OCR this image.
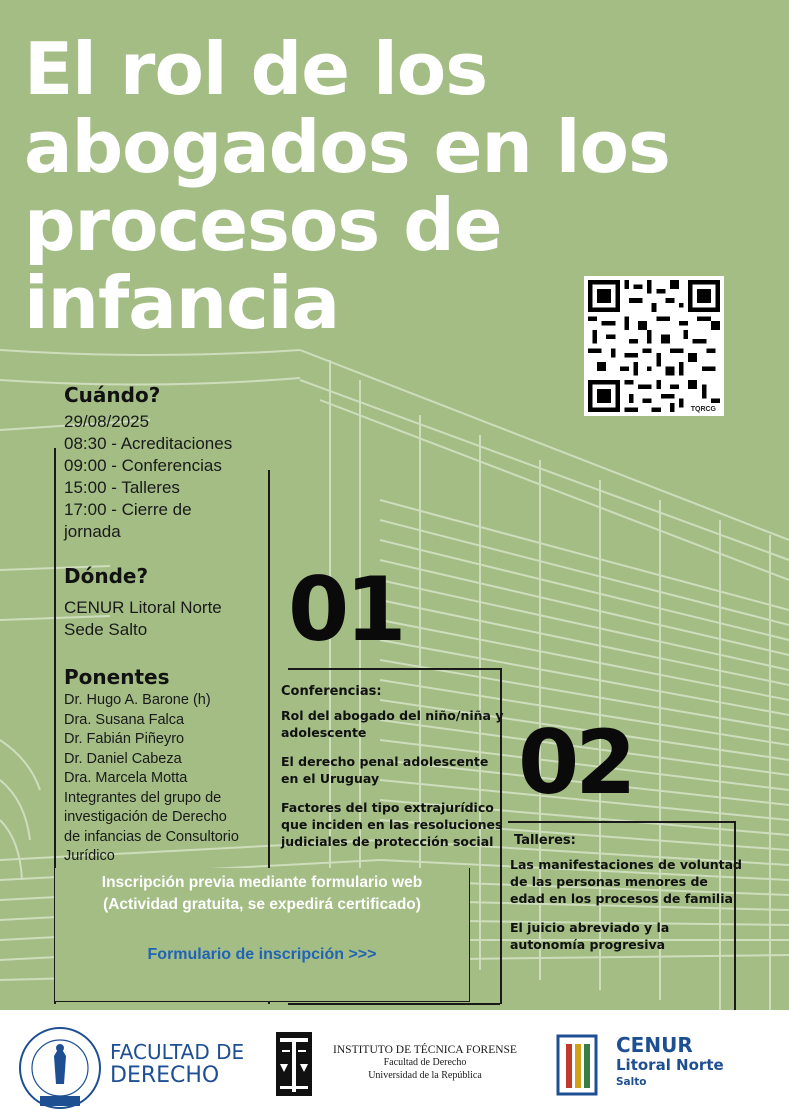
El rol de los
abogados en los
procesos de
infancia
TQRCG
Cuándo?
29/08/2025
08:30 - Acreditaciones
09:00 - Conferencias
15:00 - Talleres
17:00 - Cierre de
jornada
Dónde?
CENUR Litoral Norte
Sede Salto
Ponentes
Dr. Hugo A. Barone (h)
Dra. Susana Falca
Dr. Fabián Piñeyro
Dr. Daniel Cabeza
Dra. Marcela Motta
Integrantes del grupo de
investigación de Derecho
de infancias de Consultorio
Jurídico
01
Conferencias:
Rol del abogado del niño/niña y
adolescente
El derecho penal adolescente
en el Uruguay
Factores del tipo extrajurídico
que inciden en las resoluciones
judiciales de protección social
02
Talleres:
Las manifestaciones de voluntad
de las personas menores de
edad en los procesos de familia
El juicio abreviado y la
autonomía progresiva
Inscripción previa mediante formulario web
(Actividad gratuita, se expedirá certificado)
Formulario de inscripción >>>
FACULTAD DE
DERECHO
INSTITUTO DE TÉCNICA FORENSE
Facultad de Derecho
Universidad de la República
CENUR
Litoral Norte
Salto
